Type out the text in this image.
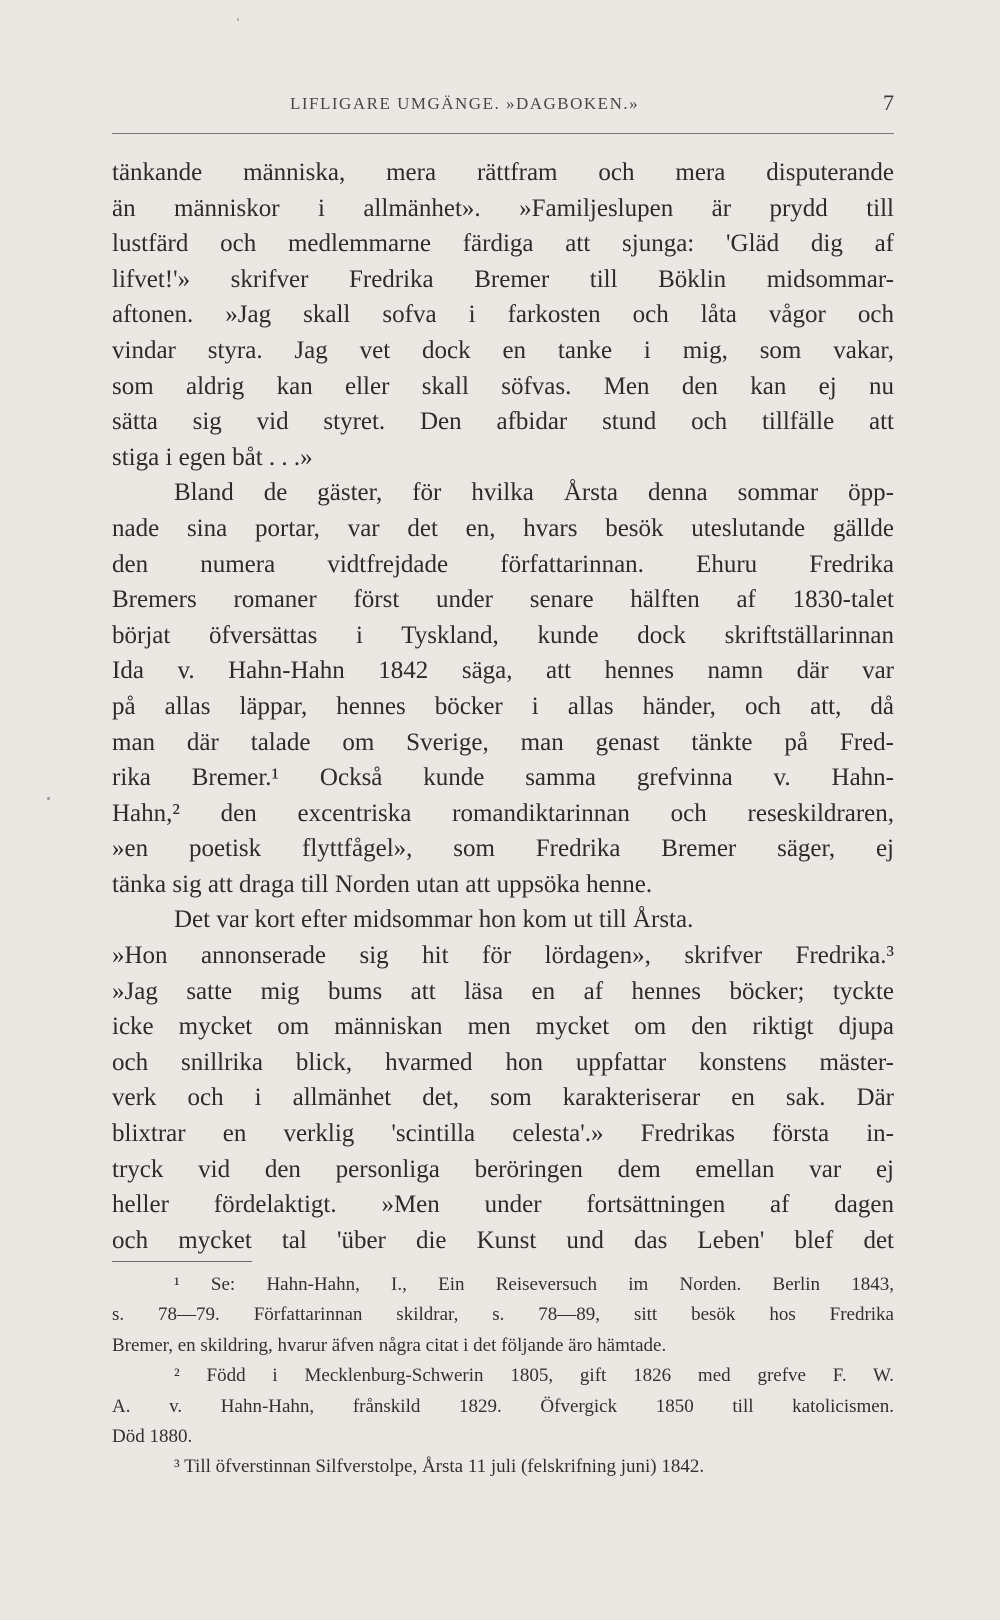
LIFLIGARE UMGÄNGE. »DAGBOKEN.»	7
tänkande människa, mera rättfram och mera disputerande
än människor i allmänhet». »Familjeslupen är prydd till
lustfärd och medlemmarne färdiga att sjunga: 'Gläd dig af
lifvet!'» skrifver Fredrika Bremer till Böklin midsommar-
aftonen. »Jag skall sofva i farkosten och låta vågor och
vindar styra. Jag vet dock en tanke i mig, som vakar,
som aldrig kan eller skall söfvas. Men den kan ej nu
sätta sig vid styret. Den afbidar stund och tillfälle att
stiga i egen båt . . .»
Bland de gäster, för hvilka Årsta denna sommar öpp-
nade sina portar, var det en, hvars besök uteslutande gällde
den numera vidtfrejdade författarinnan. Ehuru Fredrika
Bremers romaner först under senare hälften af 1830-talet
börjat öfversättas i Tyskland, kunde dock skriftställarinnan
Ida v. Hahn-Hahn 1842 säga, att hennes namn där var
på allas läppar, hennes böcker i allas händer, och att, då
man där talade om Sverige, man genast tänkte på Fred-
rika Bremer.¹ Också kunde samma grefvinna v. Hahn-
Hahn,² den excentriska romandiktarinnan och reseskildraren,
»en poetisk flyttfågel», som Fredrika Bremer säger, ej
tänka sig att draga till Norden utan att uppsöka henne.
Det var kort efter midsommar hon kom ut till Årsta.
»Hon annonserade sig hit för lördagen», skrifver Fredrika.³
»Jag satte mig bums att läsa en af hennes böcker; tyckte
icke mycket om människan men mycket om den riktigt djupa
och snillrika blick, hvarmed hon uppfattar konstens mäster-
verk och i allmänhet det, som karakteriserar en sak. Där
blixtrar en verklig 'scintilla celesta'.» Fredrikas första in-
tryck vid den personliga beröringen dem emellan var ej
heller fördelaktigt. »Men under fortsättningen af dagen
och mycket tal 'über die Kunst und das Leben' blef det
¹ Se: Hahn-Hahn, I., Ein Reiseversuch im Norden. Berlin 1843,
s. 78—79. Författarinnan skildrar, s. 78—89, sitt besök hos Fredrika
Bremer, en skildring, hvarur äfven några citat i det följande äro hämtade.
² Född i Mecklenburg-Schwerin 1805, gift 1826 med grefve F. W.
A. v. Hahn-Hahn, frånskild 1829. Öfvergick 1850 till katolicismen.
Död 1880.
³ Till öfverstinnan Silfverstolpe, Årsta 11 juli (felskrifning juni) 1842.
